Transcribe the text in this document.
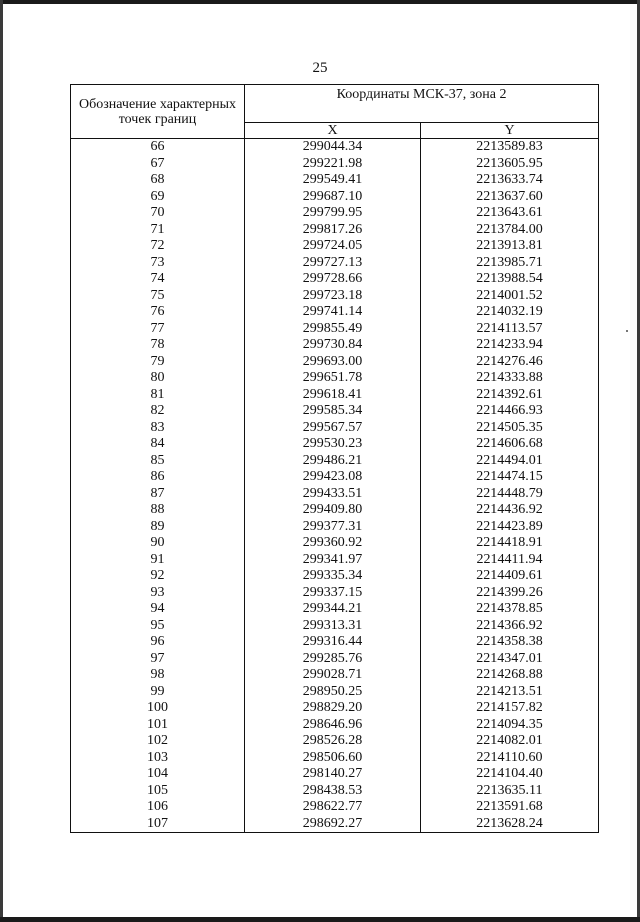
25
Обозначение характерных точек границ	Координаты МСК-37, зона 2	
	X	Y
66	299044.34	2213589.83
67	299221.98	2213605.95
68	299549.41	2213633.74
69	299687.10	2213637.60
70	299799.95	2213643.61
71	299817.26	2213784.00
72	299724.05	2213913.81
73	299727.13	2213985.71
74	299728.66	2213988.54
75	299723.18	2214001.52
76	299741.14	2214032.19
77	299855.49	2214113.57
78	299730.84	2214233.94
79	299693.00	2214276.46
80	299651.78	2214333.88
81	299618.41	2214392.61
82	299585.34	2214466.93
83	299567.57	2214505.35
84	299530.23	2214606.68
85	299486.21	2214494.01
86	299423.08	2214474.15
87	299433.51	2214448.79
88	299409.80	2214436.92
89	299377.31	2214423.89
90	299360.92	2214418.91
91	299341.97	2214411.94
92	299335.34	2214409.61
93	299337.15	2214399.26
94	299344.21	2214378.85
95	299313.31	2214366.92
96	299316.44	2214358.38
97	299285.76	2214347.01
98	299028.71	2214268.88
99	298950.25	2214213.51
100	298829.20	2214157.82
101	298646.96	2214094.35
102	298526.28	2214082.01
103	298506.60	2214110.60
104	298140.27	2214104.40
105	298438.53	2213635.11
106	298622.77	2213591.68
107	298692.27	2213628.24
